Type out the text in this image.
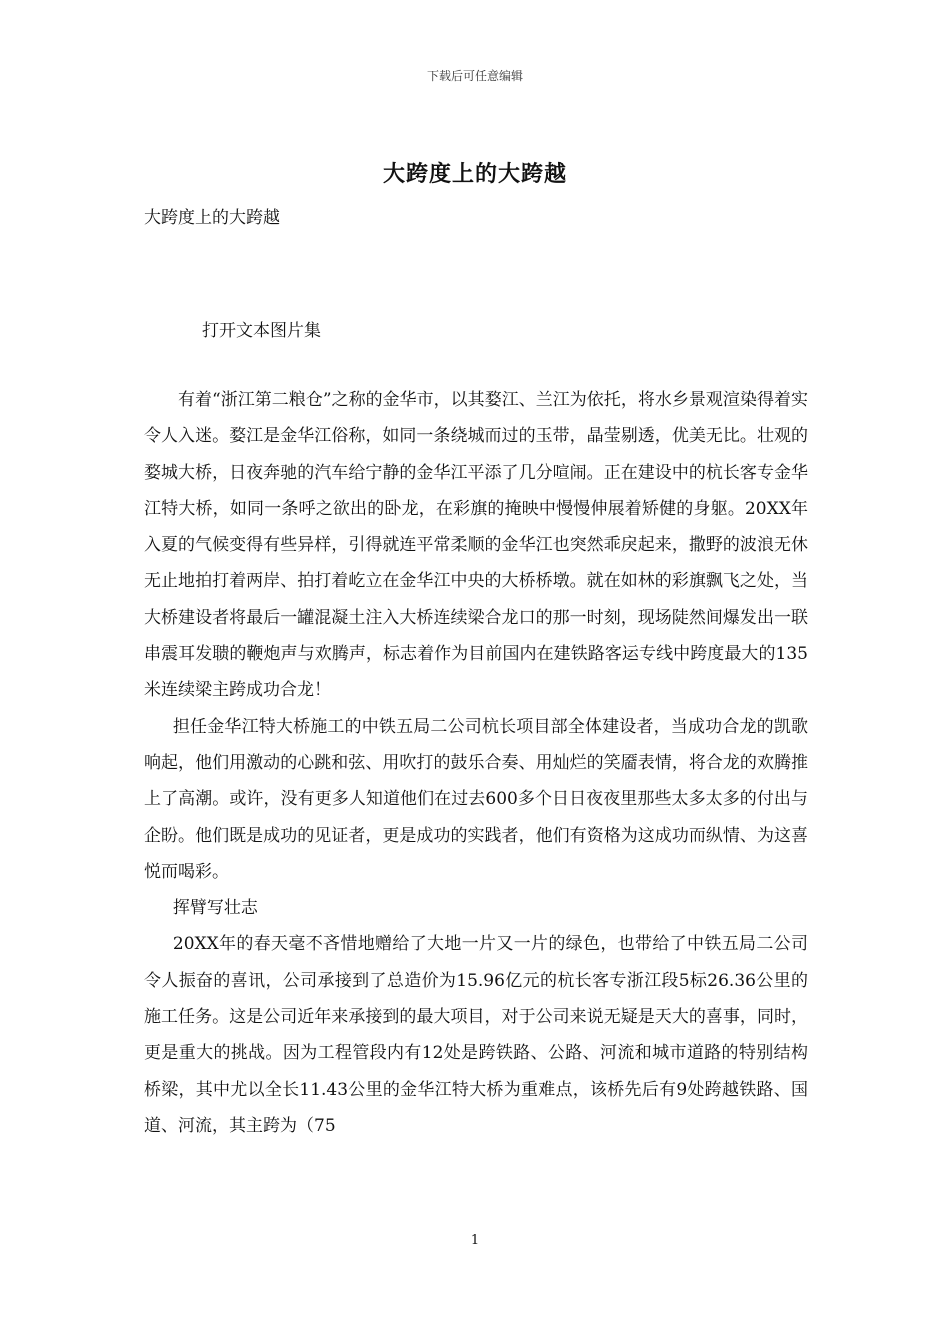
下载后可任意编辑
大跨度上的大跨越
大跨度上的大跨越
打开文本图片集

有着“浙江第二粮仓”之称的金华市，以其婺江、兰江为依托，将水乡景观渲染得着实令人入迷。婺江是金华江俗称，如同一条绕城而过的玉带，晶莹剔透，优美无比。壮观的婺城大桥，日夜奔驰的汽车给宁静的金华江平添了几分喧闹。正在建设中的杭长客专金华江特大桥，如同一条呼之欲出的卧龙，在彩旗的掩映中慢慢伸展着矫健的身躯。20XX年入夏的气候变得有些异样，引得就连平常柔顺的金华江也突然乖戾起来，撒野的波浪无休无止地拍打着两岸、拍打着屹立在金华江中央的大桥桥墩。就在如林的彩旗飘飞之处，当大桥建设者将最后一罐混凝土注入大桥连续梁合龙口的那一时刻，现场陡然间爆发出一联串震耳发聩的鞭炮声与欢腾声，标志着作为目前国内在建铁路客运专线中跨度最大的135米连续梁主跨成功合龙！

担任金华江特大桥施工的中铁五局二公司杭长项目部全体建设者，当成功合龙的凯歌响起，他们用激动的心跳和弦、用吹打的鼓乐合奏、用灿烂的笑靥表情，将合龙的欢腾推上了高潮。或许，没有更多人知道他们在过去600多个日日夜夜里那些太多太多的付出与企盼。他们既是成功的见证者，更是成功的实践者，他们有资格为这成功而纵情、为这喜悦而喝彩。

挥臂写壮志

20XX年的春天毫不吝惜地赠给了大地一片又一片的绿色，也带给了中铁五局二公司令人振奋的喜讯，公司承接到了总造价为15.96亿元的杭长客专浙江段5标26.36公里的施工任务。这是公司近年来承接到的最大项目，对于公司来说无疑是天大的喜事，同时，更是重大的挑战。因为工程管段内有12处是跨铁路、公路、河流和城市道路的特别结构桥梁，其中尤以全长11.43公里的金华江特大桥为重难点，该桥先后有9处跨越铁路、国道、河流，其主跨为（75

1
